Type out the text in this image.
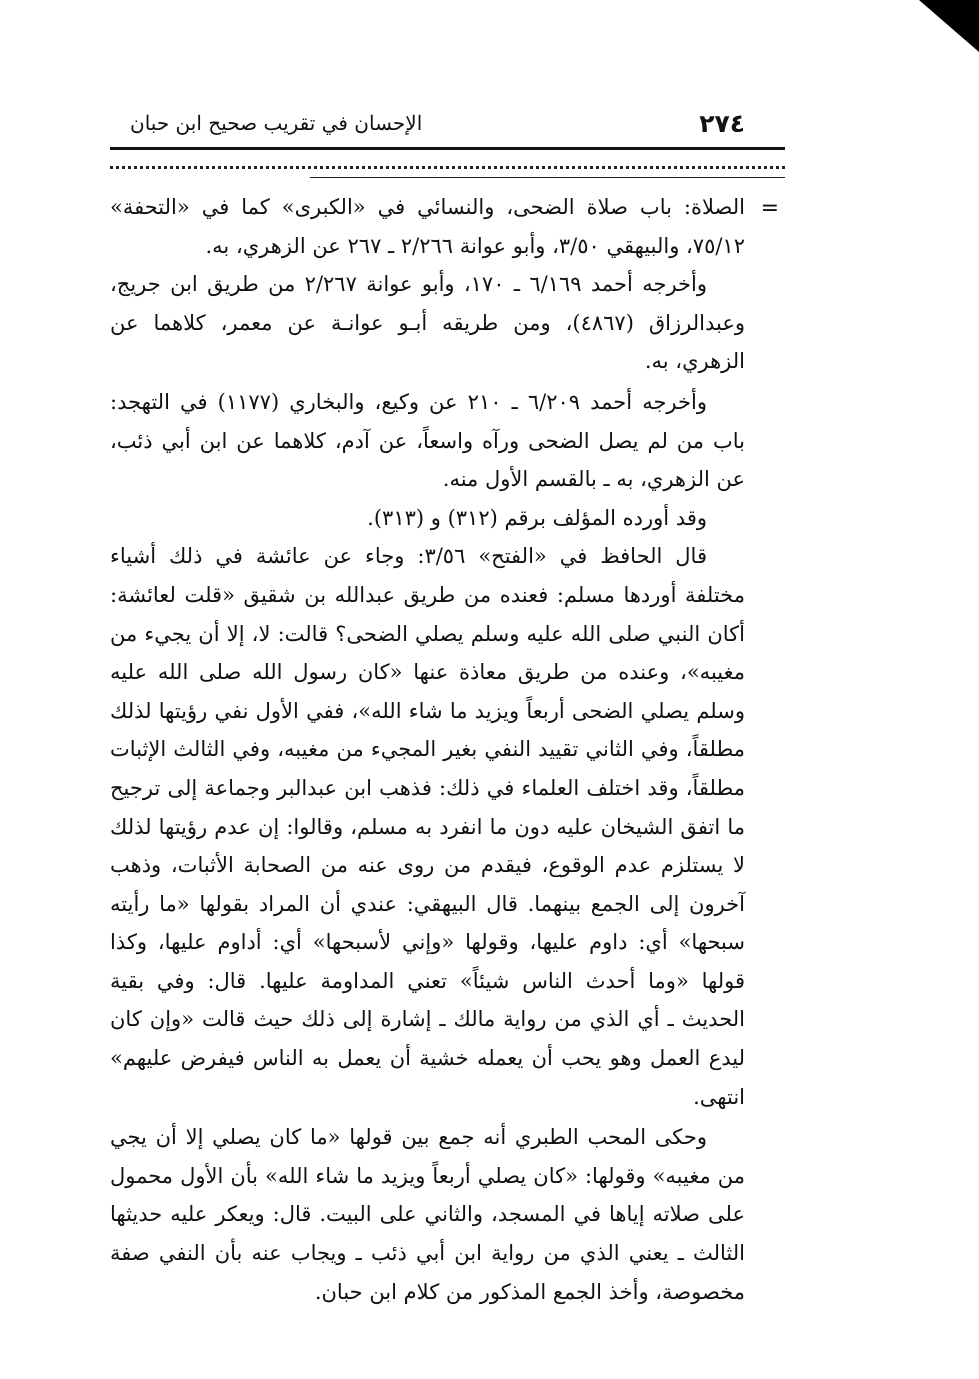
٢٧٤
الإحسان في تقريب صحيح ابن حبان
=

الصلاة: باب صلاة الضحى، والنسائي في «الكبرى» كما في «التحفة» ٧٥/١٢، والبيهقي ٣/٥٠، وأبو عوانة ٢/٢٦٦ ـ ٢٦٧ عن الزهري، به.

وأخرجه أحمد ٦/١٦٩ ـ ١٧٠، وأبو عوانة ٢/٢٦٧ من طريق ابن جريج، وعبدالرزاق (٤٨٦٧)، ومن طريقه أبـو عوانـة عن معمر، كلاهما عن الزهري، به.

وأخرجه أحمد ٦/٢٠٩ ـ ٢١٠ عن وكيع، والبخاري (١١٧٧) في التهجد: باب من لم يصل الضحى ورآه واسعاً، عن آدم، كلاهما عن ابن أبي ذئب، عن الزهري، به ـ بالقسم الأول منه.

وقد أورده المؤلف برقم (٣١٢) و (٣١٣).

قال الحافظ في «الفتح» ٣/٥٦: وجاء عن عائشة في ذلك أشياء مختلفة أوردها مسلم: فعنده من طريق عبدالله بن شقيق «قلت لعائشة: أكان النبي صلى الله عليه وسلم يصلي الضحى؟ قالت: لا، إلا أن يجيء من مغيبه»، وعنده من طريق معاذة عنها «كان رسول الله صلى الله عليه وسلم يصلي الضحى أربعاً ويزيد ما شاء الله»، ففي الأول نفي رؤيتها لذلك مطلقاً، وفي الثاني تقييد النفي بغير المجيء من مغيبه، وفي الثالث الإثبات مطلقاً، وقد اختلف العلماء في ذلك: فذهب ابن عبدالبر وجماعة إلى ترجيح ما اتفق الشيخان عليه دون ما انفرد به مسلم، وقالوا: إن عدم رؤيتها لذلك لا يستلزم عدم الوقوع، فيقدم من روى عنه من الصحابة الأثبات، وذهب آخرون إلى الجمع بينهما. قال البيهقي: عندي أن المراد بقولها «ما رأيته سبحها» أي: داوم عليها، وقولها «وإني لأسبحها» أي: أداوم عليها، وكذا قولها «وما أحدث الناس شيئاً» تعني المداومة عليها. قال: وفي بقية الحديث ـ أي الذي من رواية مالك ـ إشارة إلى ذلك حيث قالت «وإن كان ليدع العمل وهو يحب أن يعمله خشية أن يعمل به الناس فيفرض عليهم» انتهى.

وحكى المحب الطبري أنه جمع بين قولها «ما كان يصلي إلا أن يجي من مغيبه» وقولها: «كان يصلي أربعاً ويزيد ما شاء الله» بأن الأول محمول على صلاته إياها في المسجد، والثاني على البيت. قال: ويعكر عليه حديثها الثالث ـ يعني الذي من رواية ابن أبي ذئب ـ ويجاب عنه بأن النفي صفة مخصوصة، وأخذ الجمع المذكور من كلام ابن حبان.
